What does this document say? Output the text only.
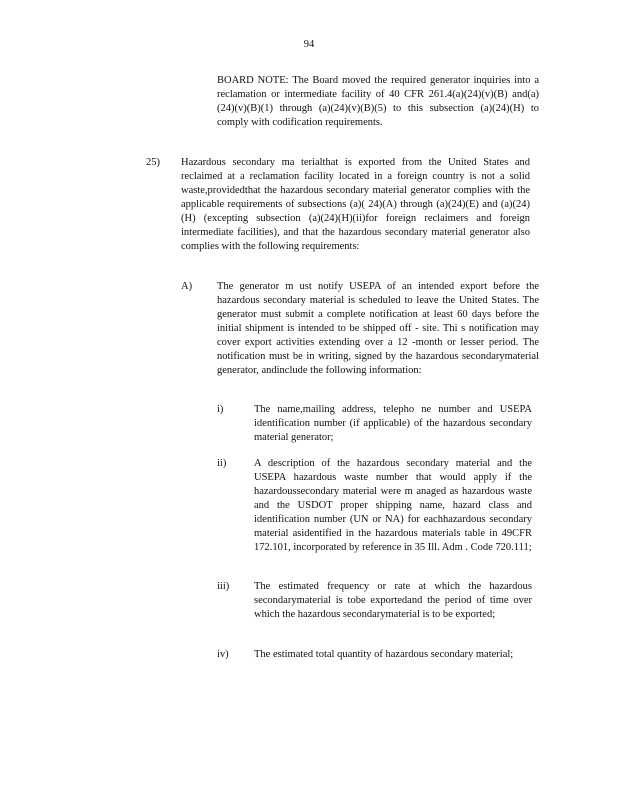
94
BOARD NOTE: The Board moved the required generator inquiries into a reclamation or intermediate facility of 40 CFR 261.4(a)(24)(v)(B) and(a)(24)(v)(B)(1) through (a)(24)(v)(B)(5) to this subsection (a)(24)(H) to comply with codification requirements.
25) Hazardous secondary ma terialthat is exported from the United States and reclaimed at a reclamation facility located in a foreign country is not a solid waste,providedthat the hazardous secondary material generator complies with the applicable requirements of subsections (a)( 24)(A) through (a)(24)(E) and (a)(24)(H) (excepting subsection (a)(24)(H)(ii)for foreign reclaimers and foreign intermediate facilities), and that the hazardous secondary material generator also complies with the following requirements:
A) The generator m ust notify USEPA of an intended export before the hazardous secondary material is scheduled to leave the United States. The generator must submit a complete notification at least 60 days before the initial shipment is intended to be shipped off - site. Thi s notification may cover export activities extending over a 12 -month or lesser period. The notification must be in writing, signed by the hazardous secondarymaterial generator, andinclude the following information:
i)	The name,mailing address, telepho ne number and USEPA identification number (if applicable) of the hazardous secondary material generator;
ii)	A description of the hazardous secondary material and the USEPA hazardous waste number that would apply if the hazardoussecondary material were m anaged as hazardous waste and the USDOT proper shipping name, hazard class and identification number (UN or NA) for eachhazardous secondary material asidentified in the hazardous materials table in 49CFR 172.101, incorporated by reference in 35 Ill. Adm . Code 720.111;
iii) The estimated frequency or rate at which the hazardous secondarymaterial is tobe exportedand the period of time over which the hazardous secondarymaterial is to be exported;
iv) The estimated total quantity of hazardous secondary material;
